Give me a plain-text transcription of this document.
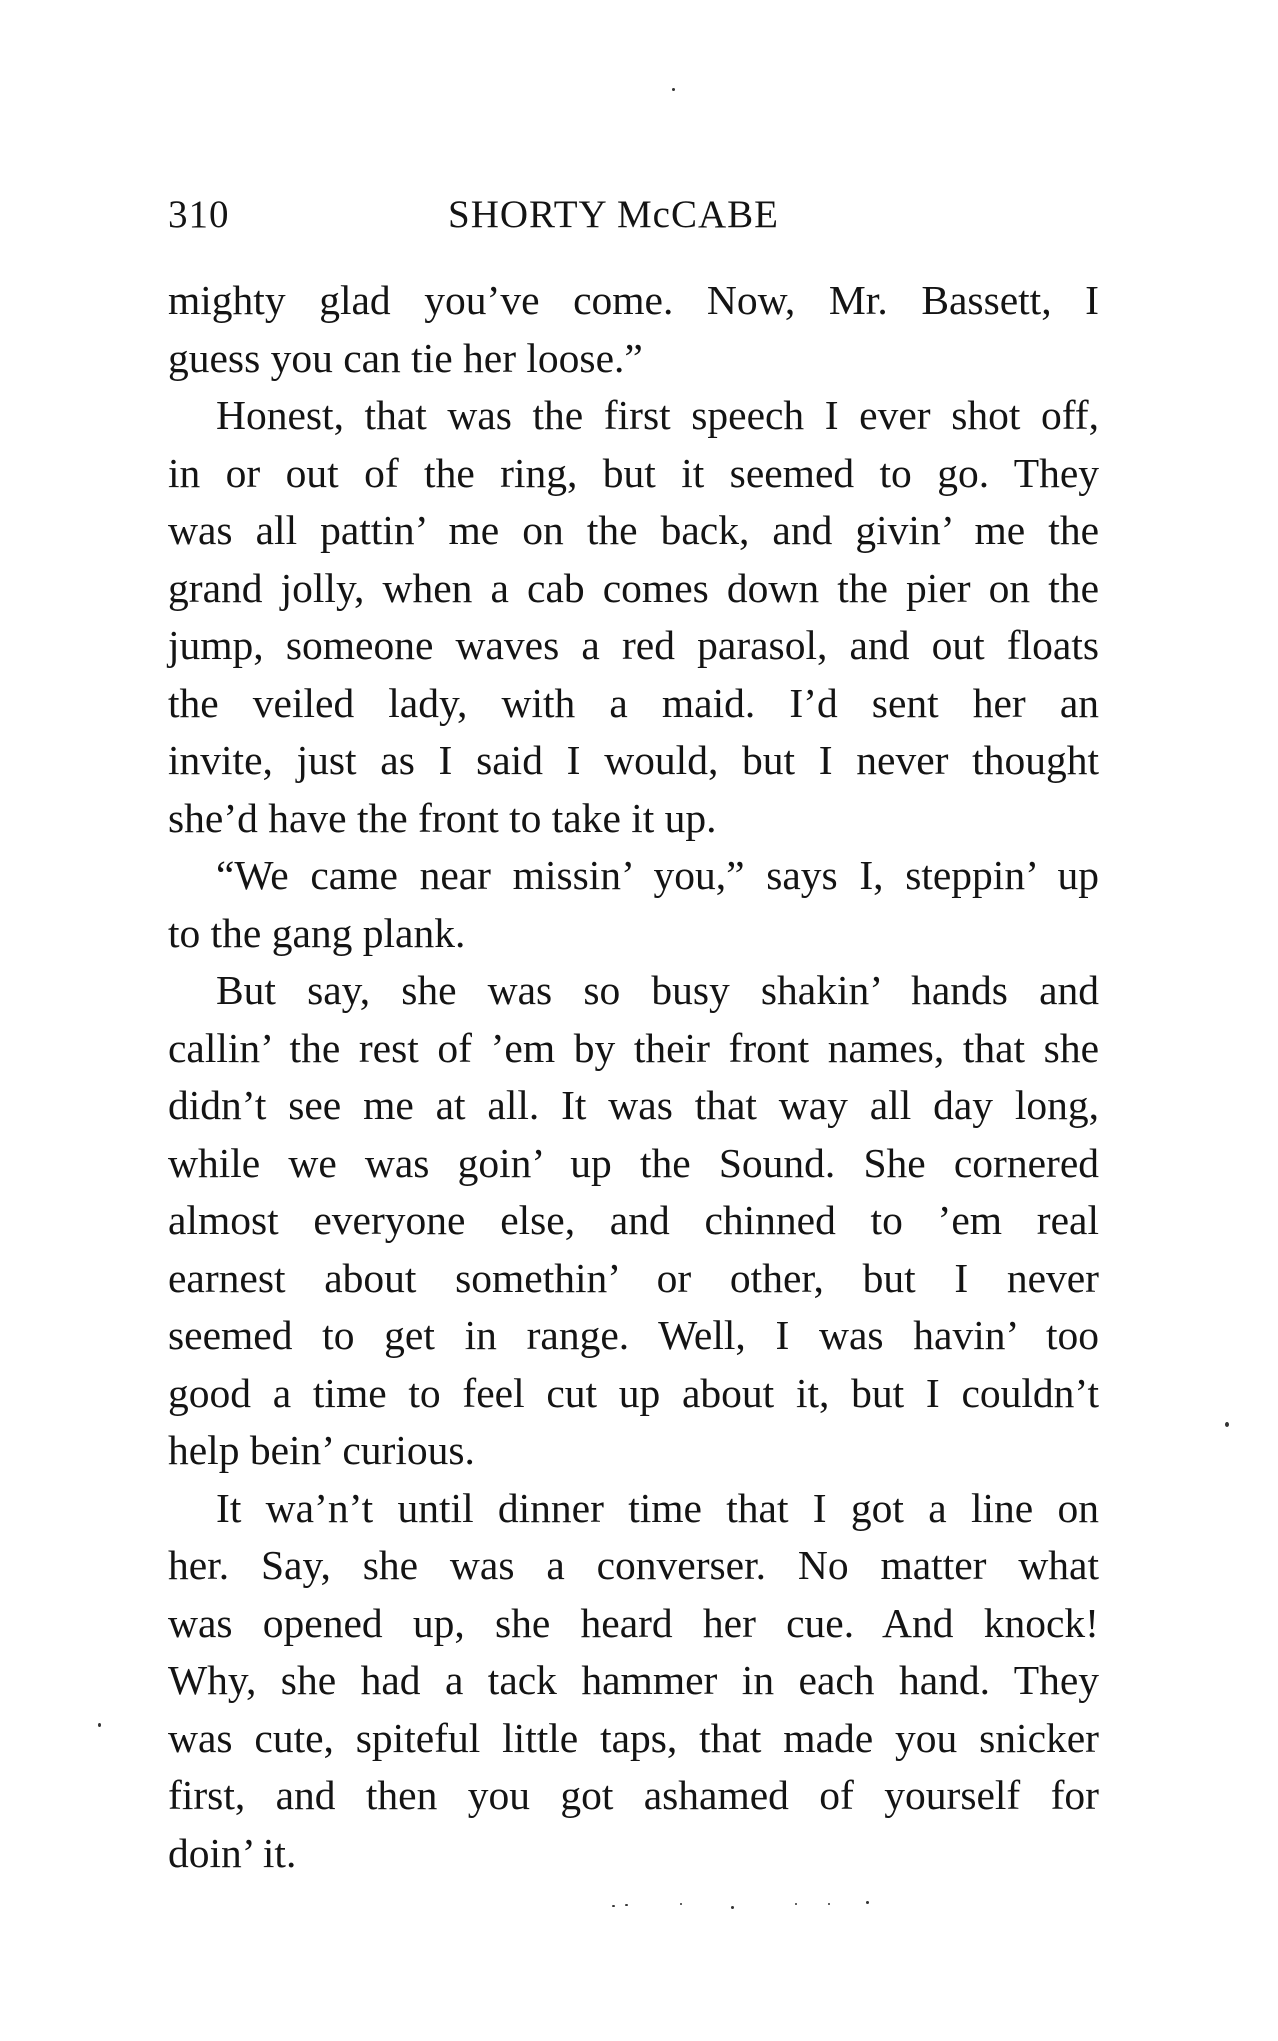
310	SHORTY McCABE
mighty glad you’ve come. Now, Mr. Bassett, I
guess you can tie her loose.”
Honest, that was the first speech I ever shot off,
in or out of the ring, but it seemed to go. They
was all pattin’ me on the back, and givin’ me the
grand jolly, when a cab comes down the pier on the
jump, someone waves a red parasol, and out floats
the veiled lady, with a maid. I’d sent her an
invite, just as I said I would, but I never thought
she’d have the front to take it up.
“We came near missin’ you,” says I, steppin’ up
to the gang plank.
But say, she was so busy shakin’ hands and
callin’ the rest of ’em by their front names, that she
didn’t see me at all. It was that way all day long,
while we was goin’ up the Sound. She cornered
almost everyone else, and chinned to ’em real
earnest about somethin’ or other, but I never
seemed to get in range. Well, I was havin’ too
good a time to feel cut up about it, but I couldn’t
help bein’ curious.
It wa’n’t until dinner time that I got a line on
her. Say, she was a converser. No matter what
was opened up, she heard her cue. And knock!
Why, she had a tack hammer in each hand. They
was cute, spiteful little taps, that made you snicker
first, and then you got ashamed of yourself for
doin’ it.
